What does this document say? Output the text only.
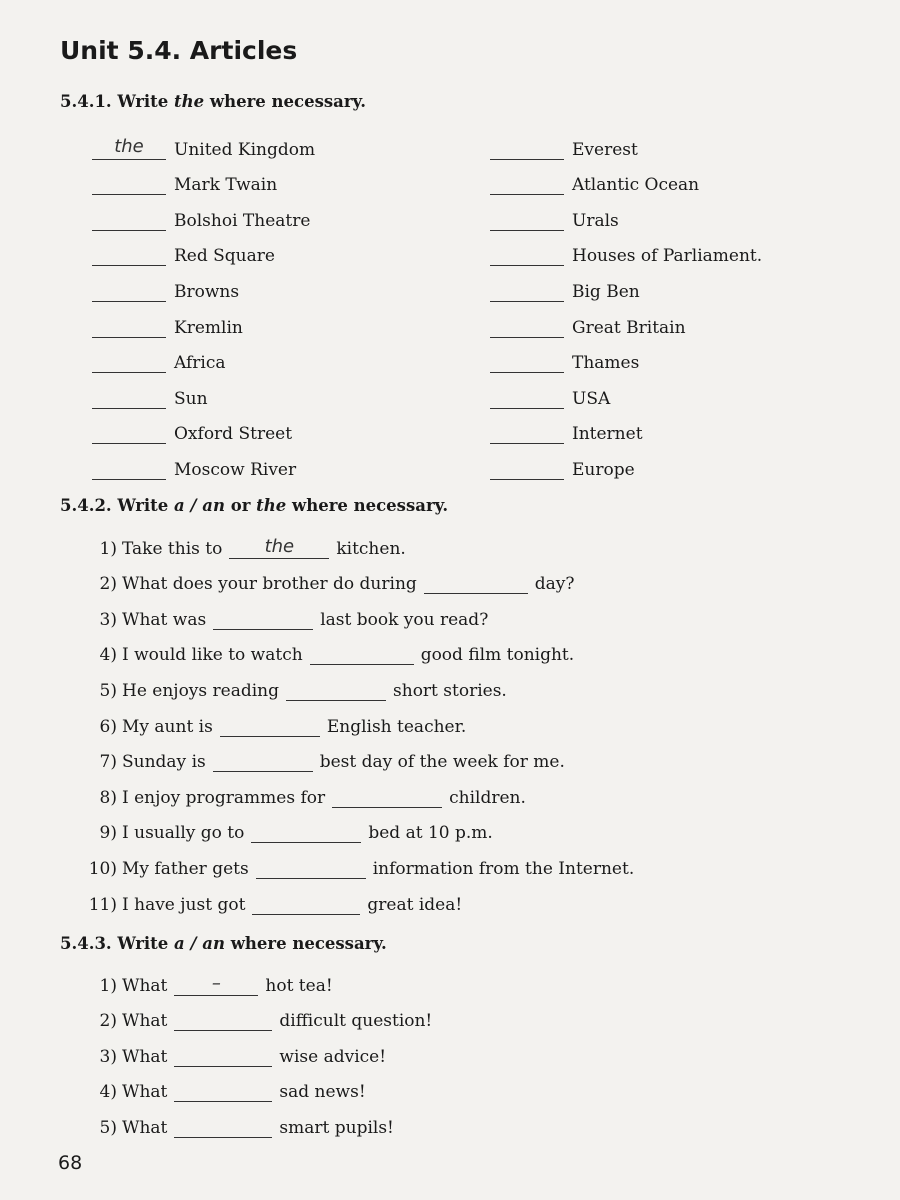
Unit 5.4. Articles

5.4.1. Write the where necessary.

the	United Kingdom	Everest
Mark Twain	Atlantic Ocean
Bolshoi Theatre	Urals
Red Square	Houses of Parliament.
Browns	Big Ben
Kremlin	Great Britain
Africa	Thames
Sun	USA
Oxford Street	Internet
Moscow River	Europe

5.4.2. Write a / an or the where necessary.

1) Take this to	the	kitchen.
2) What does your brother do during	day?
3) What was	last book you read?
4) I would like to watch	good film tonight.
5) He enjoys reading	short stories.
6) My aunt is	English teacher.
7) Sunday is	best day of the week for me.
8) I enjoy programmes for	children.
9) I usually go to	bed at 10 p.m.
10) My father gets	information from the Internet.
11) I have just got	great idea!

5.4.3. Write a / an where necessary.

1) What	–	hot tea!
2) What	difficult question!
3) What	wise advice!
4) What	sad news!
5) What	smart pupils!
68
